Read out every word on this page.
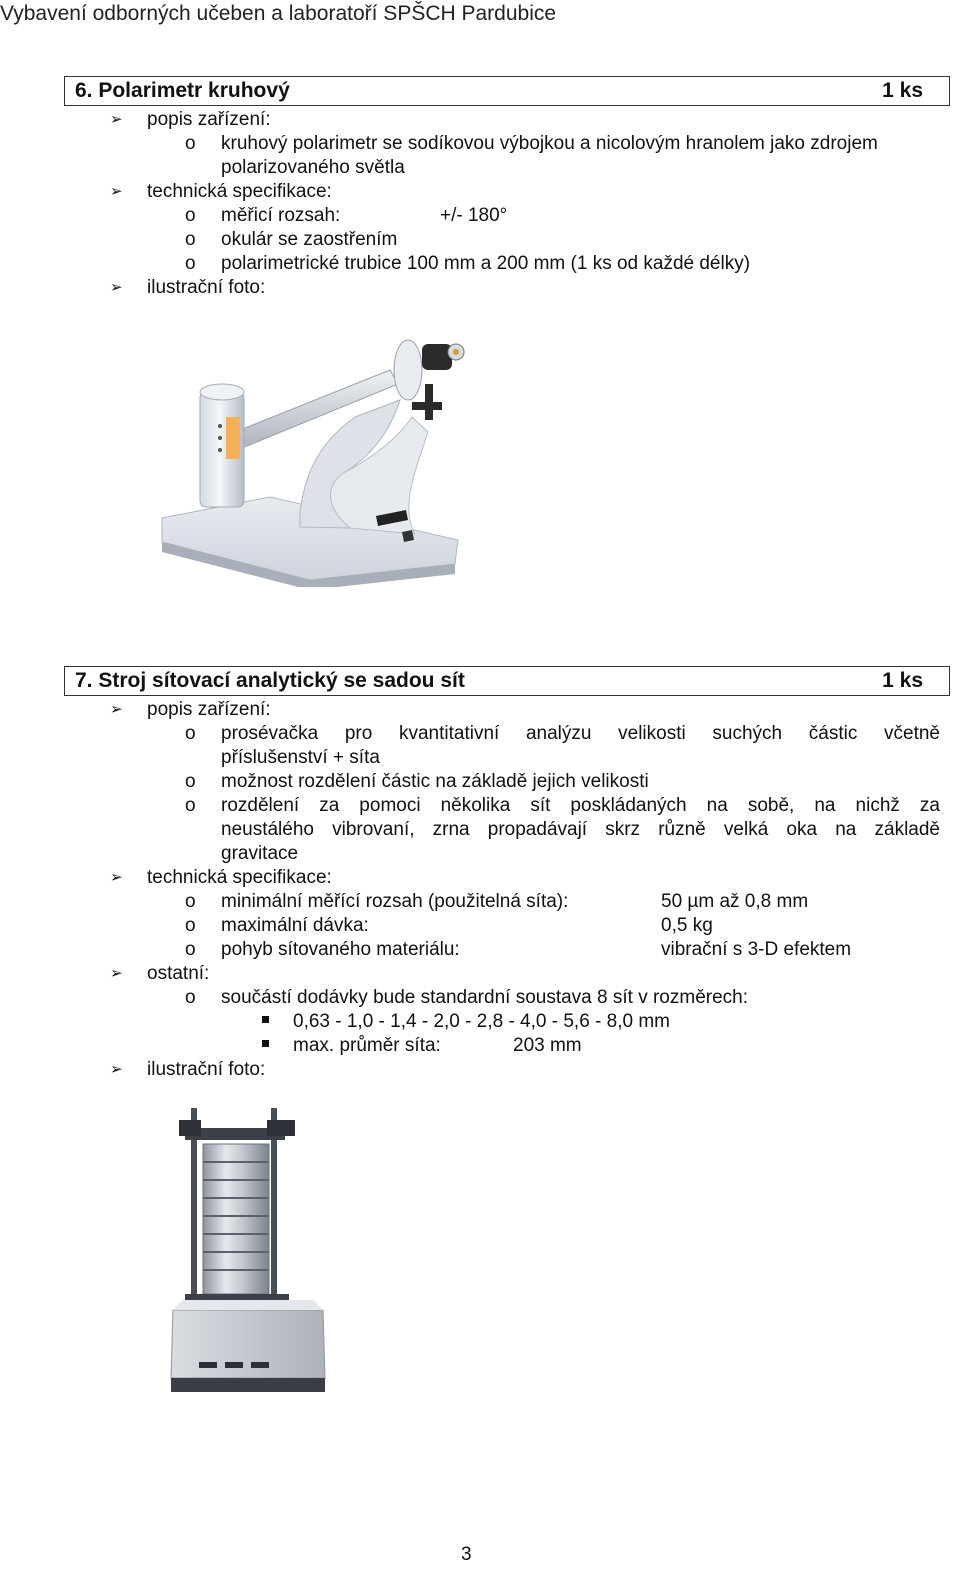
Vybavení odborných učeben a laboratoří SPŠCH Pardubice
6. Polarimetr kruhový	1 ks
➢ popis zařízení:
o kruhový polarimetr se sodíkovou výbojkou a nicolovým hranolem jako zdrojem
polarizovaného světla
➢ technická specifikace:
o měřicí rozsah:	+/- 180°
o okulár se zaostřením
o polarimetrické trubice 100 mm a 200 mm (1 ks od každé délky)
➢ ilustrační foto:
7. Stroj sítovací analytický se sadou sít	1 ks
➢ popis zařízení:
o prosévačka pro kvantitativní analýzu velikosti suchých částic včetně
příslušenství + síta
o možnost rozdělení částic na základě jejich velikosti
o rozdělení za pomoci několika sít poskládaných na sobě, na nichž za
neustálého vibrovaní, zrna propadávají skrz různě velká oka na základě
gravitace
➢ technická specifikace:
o minimální měřící rozsah (použitelná síta):	50 µm až 0,8 mm
o maximální dávka:	0,5 kg
o pohyb sítovaného materiálu:	vibrační s 3-D efektem
➢ ostatní:
o součástí dodávky bude standardní soustava 8 sít v rozměrech:
0,63 - 1,0 - 1,4 - 2,0 - 2,8 - 4,0 - 5,6 - 8,0 mm
max. průměr síta:	203 mm
➢ ilustrační foto:
3
